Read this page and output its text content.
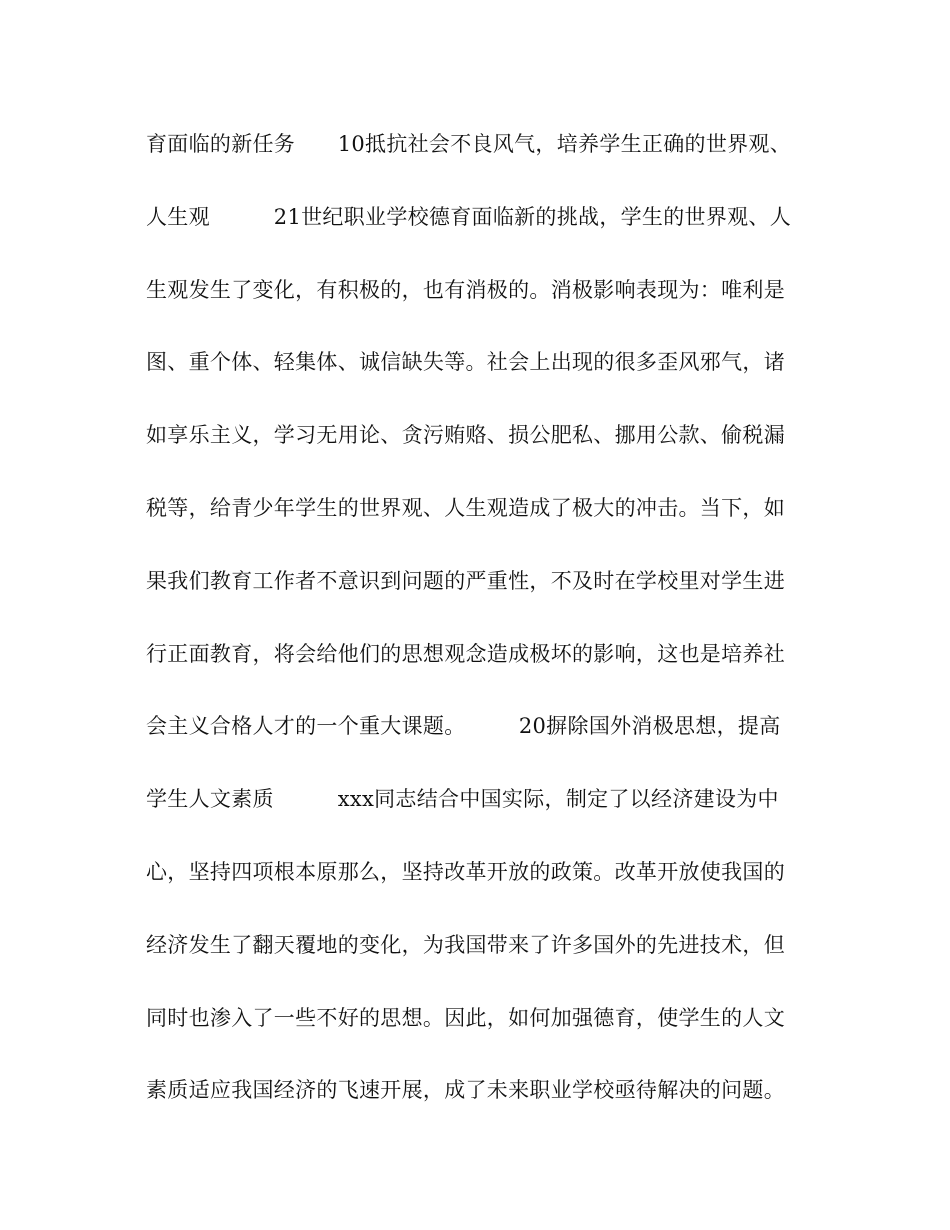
育面临的新任务　　10抵抗社会不良风气，培养学生正确的世界观、
人生观　　　21世纪职业学校德育面临新的挑战，学生的世界观、人
生观发生了变化，有积极的，也有消极的。消极影响表现为：唯利是
图、重个体、轻集体、诚信缺失等。社会上出现的很多歪风邪气，诸
如享乐主义，学习无用论、贪污贿赂、损公肥私、挪用公款、偷税漏
税等，给青少年学生的世界观、人生观造成了极大的冲击。当下，如
果我们教育工作者不意识到问题的严重性，不及时在学校里对学生进
行正面教育，将会给他们的思想观念造成极坏的影响，这也是培养社
会主义合格人才的一个重大课题。　　　20摒除国外消极思想，提高
学生人文素质　　　xxx同志结合中国实际，制定了以经济建设为中
心，坚持四项根本原那么，坚持改革开放的政策。改革开放使我国的
经济发生了翻天覆地的变化，为我国带来了许多国外的先进技术，但
同时也渗入了一些不好的思想。因此，如何加强德育，使学生的人文
素质适应我国经济的飞速开展，成了未来职业学校亟待解决的问题。
